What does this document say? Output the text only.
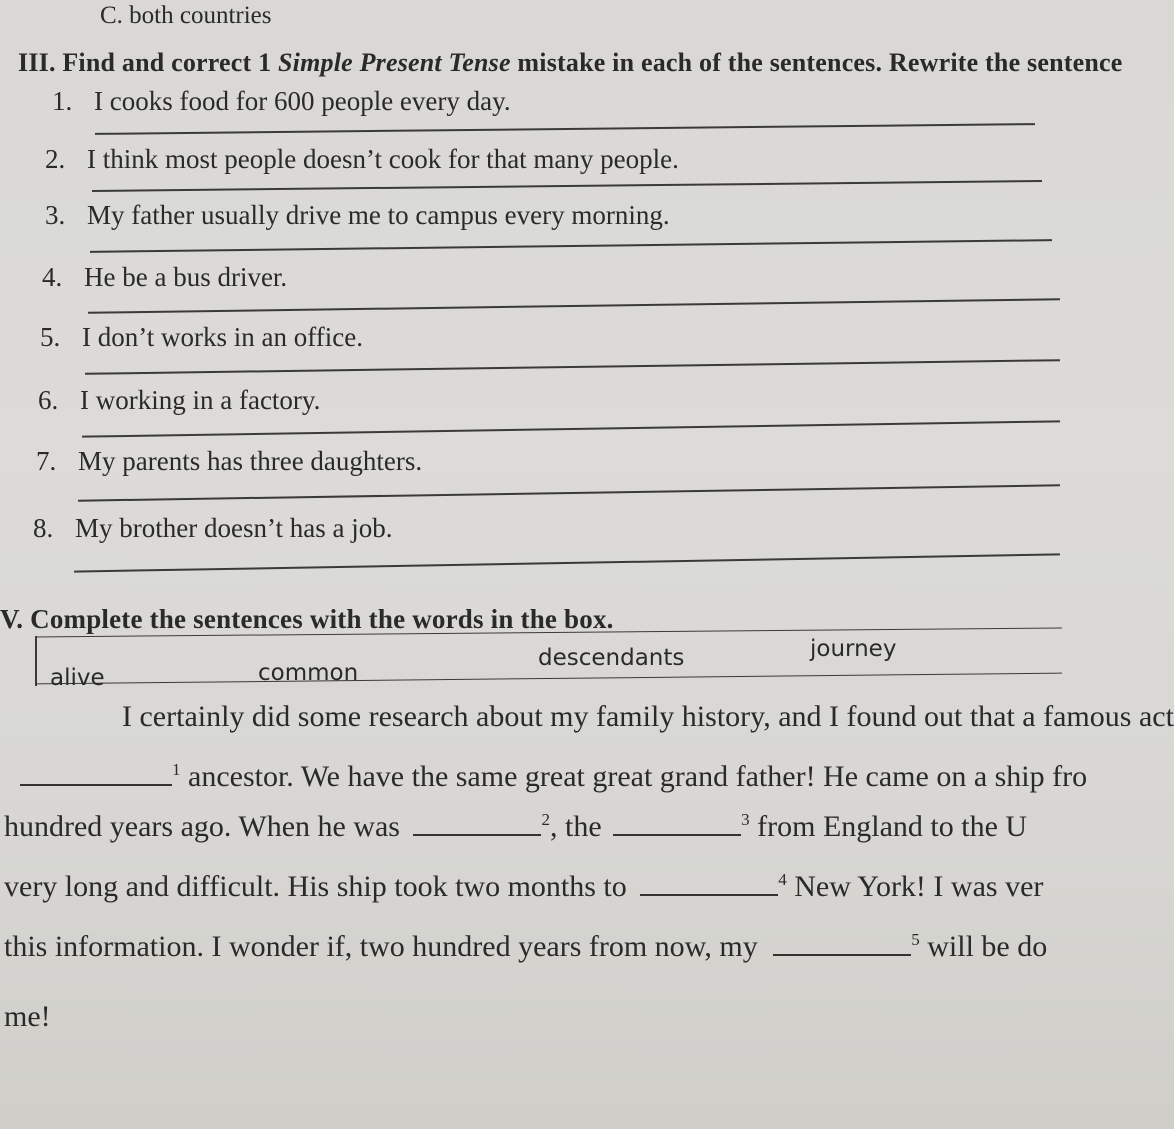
C. both countries
III. Find and correct 1 Simple Present Tense mistake in each of the sentences. Rewrite the sentence
1. I cooks food for 600 people every day.
2. I think most people doesn’t cook for that many people.
3. My father usually drive me to campus every morning.
4. He be a bus driver.
5. I don’t works in an office.
6. I working in a factory.
7. My parents has three daughters.
8. My brother doesn’t has a job.
V. Complete the sentences with the words in the box.
alive	common
descendants	journey
I certainly did some research about my family history, and I found out that a famous act
$^1$ ancestor. We have the same great great grand father! He came on a ship fro
hundred years ago. When he was	$^2$, the	$^3$ from England to the U
very long and difficult. His ship took two months to	$^4$ New York! I was ver
this information. I wonder if, two hundred years from now, my	$^5$ will be do
me!
